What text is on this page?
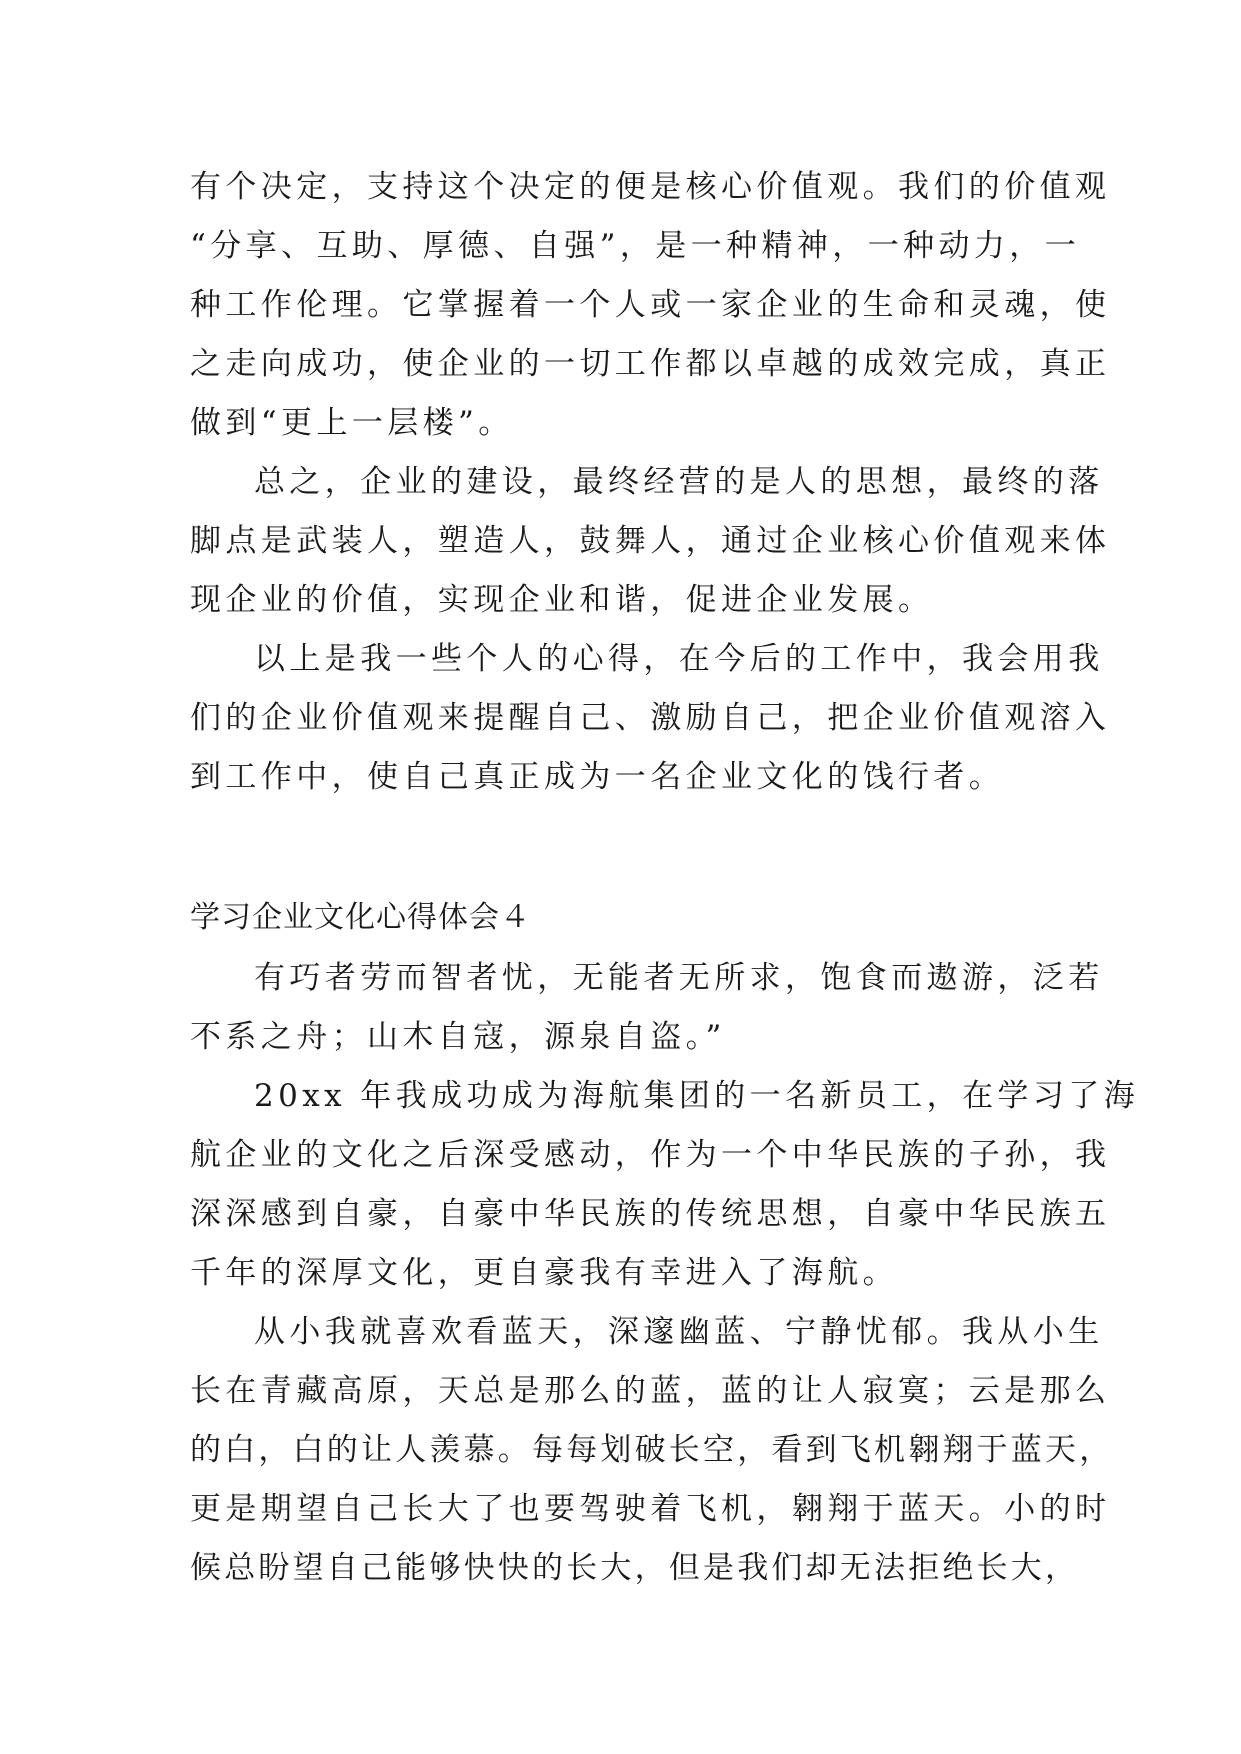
有个决定，支持这个决定的便是核心价值观。我们的价值观
“分享、互助、厚德、自强”，是一种精神，一种动力，一
种工作伦理。它掌握着一个人或一家企业的生命和灵魂，使
之走向成功，使企业的一切工作都以卓越的成效完成，真正
做到“更上一层楼”。
总之，企业的建设，最终经营的是人的思想，最终的落
脚点是武装人，塑造人，鼓舞人，通过企业核心价值观来体
现企业的价值，实现企业和谐，促进企业发展。
以上是我一些个人的心得，在今后的工作中，我会用我
们的企业价值观来提醒自己、激励自己，把企业价值观溶入
到工作中，使自己真正成为一名企业文化的饯行者。
学习企业文化心得体会４
有巧者劳而智者忧，无能者无所求，饱食而遨游，泛若
不系之舟；山木自寇，源泉自盗。”
20xx 年我成功成为海航集团的一名新员工，在学习了海
航企业的文化之后深受感动，作为一个中华民族的子孙，我
深深感到自豪，自豪中华民族的传统思想，自豪中华民族五
千年的深厚文化，更自豪我有幸进入了海航。
从小我就喜欢看蓝天，深邃幽蓝、宁静忧郁。我从小生
长在青藏高原，天总是那么的蓝，蓝的让人寂寞；云是那么
的白，白的让人羡慕。每每划破长空，看到飞机翱翔于蓝天，
更是期望自己长大了也要驾驶着飞机，翱翔于蓝天。小的时
候总盼望自己能够快快的长大，但是我们却无法拒绝长大，
